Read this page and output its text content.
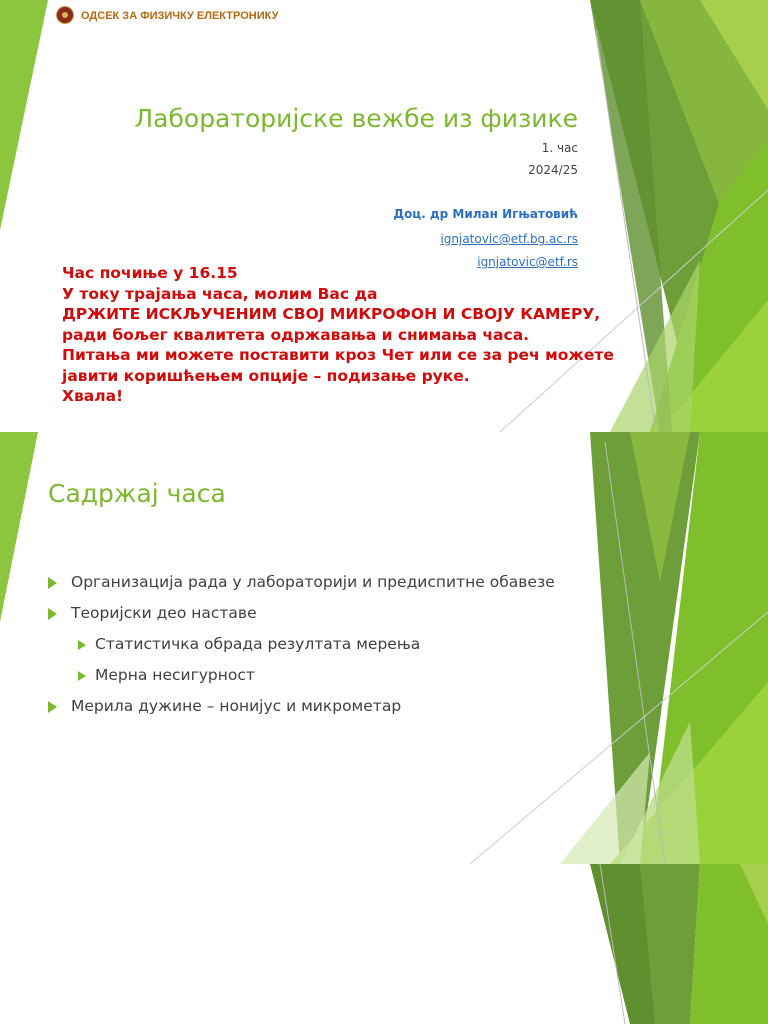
ОДСЕК ЗА ФИЗИЧКУ ЕЛЕКТРОНИКУ
Лабораторијске вежбе из физике
1. час
2024/25
Доц. др Милан Игњатовић
ignjatovic@etf.bg.ac.rs
ignjatovic@etf.rs
Час почиње у 16.15
У току трајања часа, молим Вас да
ДРЖИТЕ ИСКЉУЧЕНИМ СВОЈ МИКРОФОН И СВОЈУ КАМЕРУ,
ради бољег квалитета одржавања и снимања часа.
Питања ми можете поставити кроз Чет или се за реч можете
јавити коришћењем опције – подизање руке.
Хвала!
Садржај часа
Организација рада у лабораторији и предиспитне обавезе
Теоријски део наставе
Статистичка обрада резултата мерења
Мерна несигурност
Мерила дужине – нонијус и микрометар
